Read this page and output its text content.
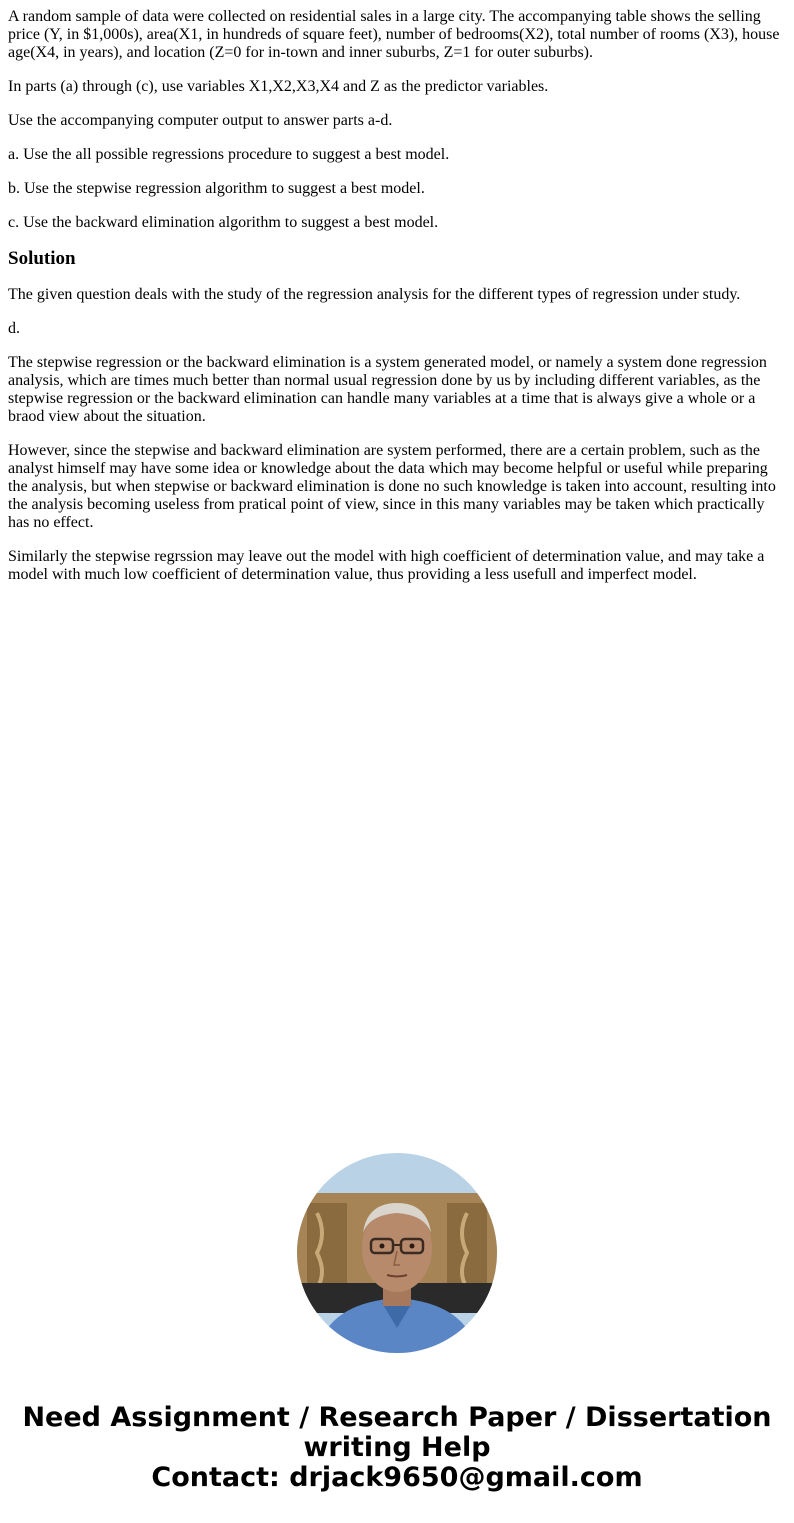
A random sample of data were collected on residential sales in a large city. The accompanying table shows the selling price (Y, in $1,000s), area(X1, in hundreds of square feet), number of bedrooms(X2), total number of rooms (X3), house age(X4, in years), and location (Z=0 for in-town and inner suburbs, Z=1 for outer suburbs).

In parts (a) through (c), use variables X1,X2,X3,X4 and Z as the predictor variables.

Use the accompanying computer output to answer parts a-d.

a. Use the all possible regressions procedure to suggest a best model.

b. Use the stepwise regression algorithm to suggest a best model.

c. Use the backward elimination algorithm to suggest a best model.

Solution

The given question deals with the study of the regression analysis for the different types of regression under study.

d.

The stepwise regression or the backward elimination is a system generated model, or namely a system done regression analysis, which are times much better than normal usual regression done by us by including different variables, as the stepwise regression or the backward elimination can handle many variables at a time that is always give a whole or a braod view about the situation.

However, since the stepwise and backward elimination are system performed, there are a certain problem, such as the analyst himself may have some idea or knowledge about the data which may become helpful or useful while preparing the analysis, but when stepwise or backward elimination is done no such knowledge is taken into account, resulting into the analysis becoming useless from pratical point of view, since in this many variables may be taken which practically has no effect.

Similarly the stepwise regrssion may leave out the model with high coefficient of determination value, and may take a model with much low coefficient of determination value, thus providing a less usefull and imperfect model.

Need Assignment / Research Paper / Dissertation
writing Help
Contact: drjack9650@gmail.com
